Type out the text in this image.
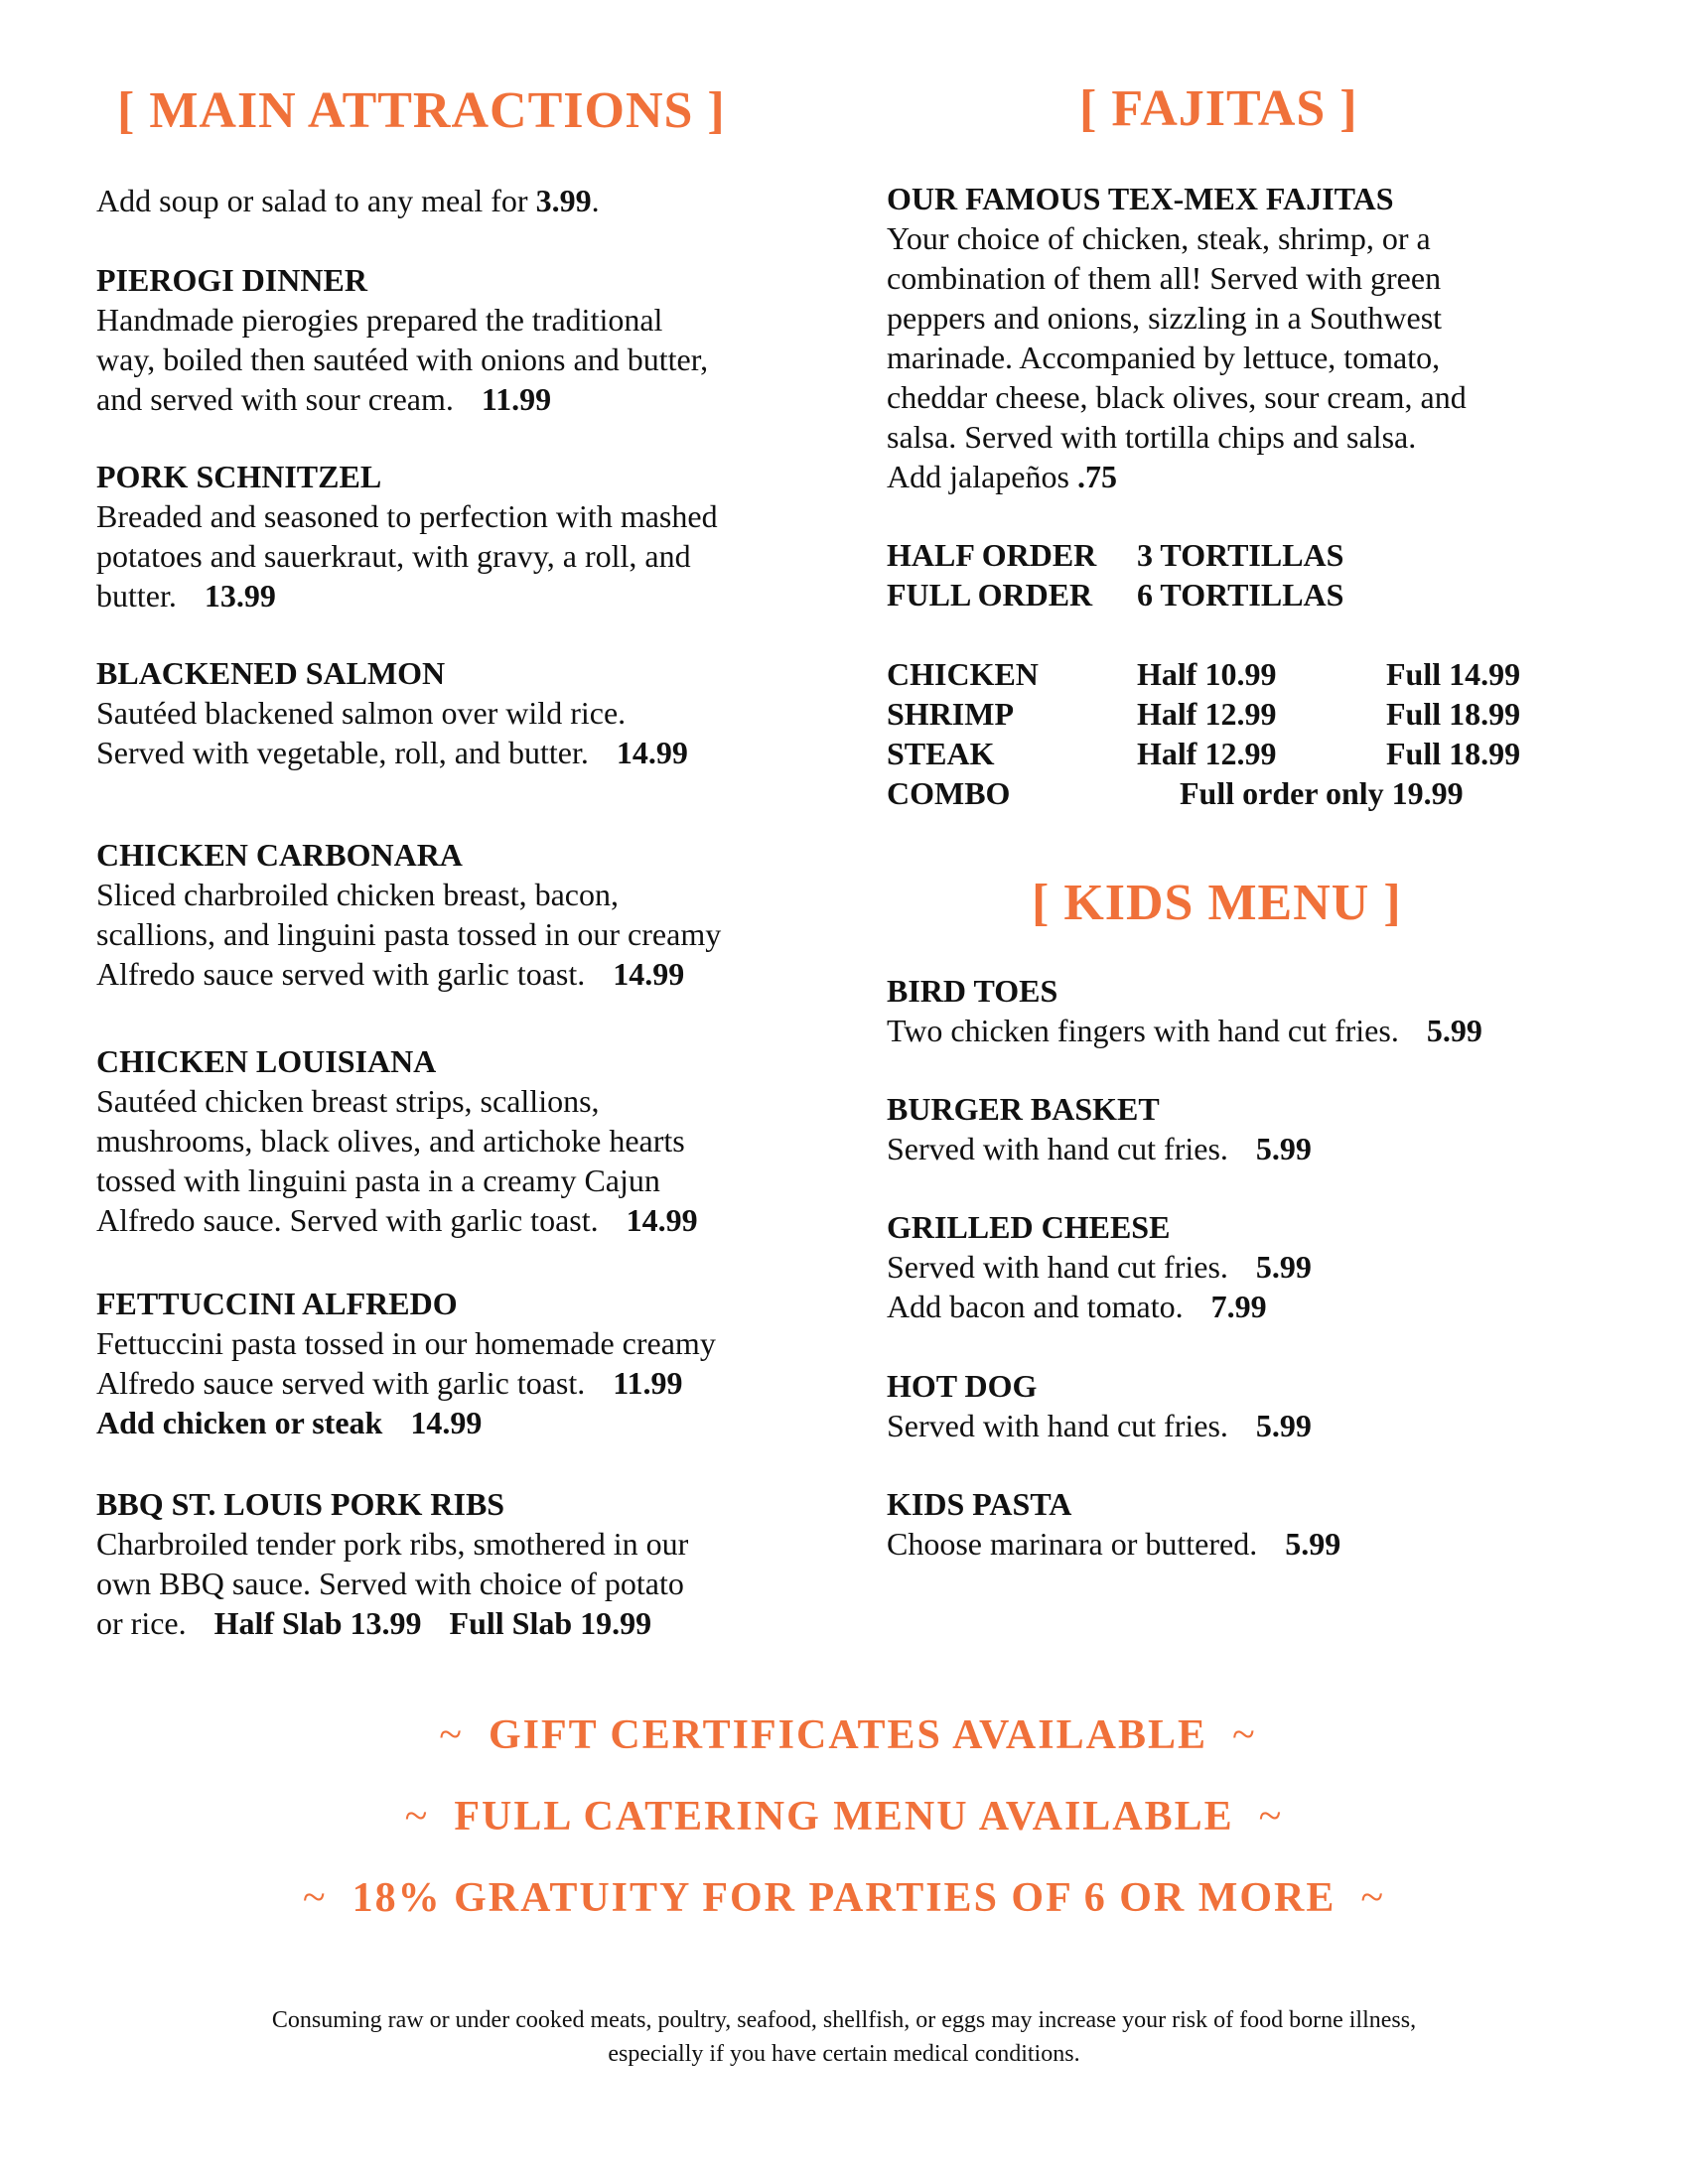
[ MAIN ATTRACTIONS ]

Add soup or salad to any meal for 3.99.

PIEROGI DINNER

Handmade pierogies prepared the traditional

way, boiled then sautéed with onions and butter,

and served with sour cream. 11.99

PORK SCHNITZEL

Breaded and seasoned to perfection with mashed

potatoes and sauerkraut, with gravy, a roll, and

butter. 13.99

BLACKENED SALMON

Sautéed blackened salmon over wild rice.

Served with vegetable, roll, and butter. 14.99

CHICKEN CARBONARA

Sliced charbroiled chicken breast, bacon,

scallions, and linguini pasta tossed in our creamy

Alfredo sauce served with garlic toast. 14.99

CHICKEN LOUISIANA

Sautéed chicken breast strips, scallions,

mushrooms, black olives, and artichoke hearts

tossed with linguini pasta in a creamy Cajun

Alfredo sauce. Served with garlic toast. 14.99

FETTUCCINI ALFREDO

Fettuccini pasta tossed in our homemade creamy

Alfredo sauce served with garlic toast. 11.99

Add chicken or steak 14.99

BBQ ST. LOUIS PORK RIBS

Charbroiled tender pork ribs, smothered in our

own BBQ sauce. Served with choice of potato

or rice. Half Slab 13.99 Full Slab 19.99

[ FAJITAS ]

OUR FAMOUS TEX-MEX FAJITAS

Your choice of chicken, steak, shrimp, or a

combination of them all! Served with green

peppers and onions, sizzling in a Southwest

marinade. Accompanied by lettuce, tomato,

cheddar cheese, black olives, sour cream, and

salsa. Served with tortilla chips and salsa.

Add jalapeños .75

HALF ORDER 3 TORTILLAS
FULL ORDER 6 TORTILLAS
CHICKEN	Half 10.99	Full 14.99
SHRIMP	Half 12.99	Full 18.99
STEAK	Half 12.99	Full 18.99
COMBO	Full order only 19.99
[ KIDS MENU ]

BIRD TOES

Two chicken fingers with hand cut fries. 5.99

BURGER BASKET

Served with hand cut fries. 5.99

GRILLED CHEESE

Served with hand cut fries. 5.99

Add bacon and tomato. 7.99

HOT DOG

Served with hand cut fries. 5.99

KIDS PASTA

Choose marinara or buttered. 5.99

~ GIFT CERTIFICATES AVAILABLE ~
~ FULL CATERING MENU AVAILABLE ~
~ 18% GRATUITY FOR PARTIES OF 6 OR MORE ~
Consuming raw or under cooked meats, poultry, seafood, shellfish, or eggs may increase your risk of food borne illness,
especially if you have certain medical conditions.
